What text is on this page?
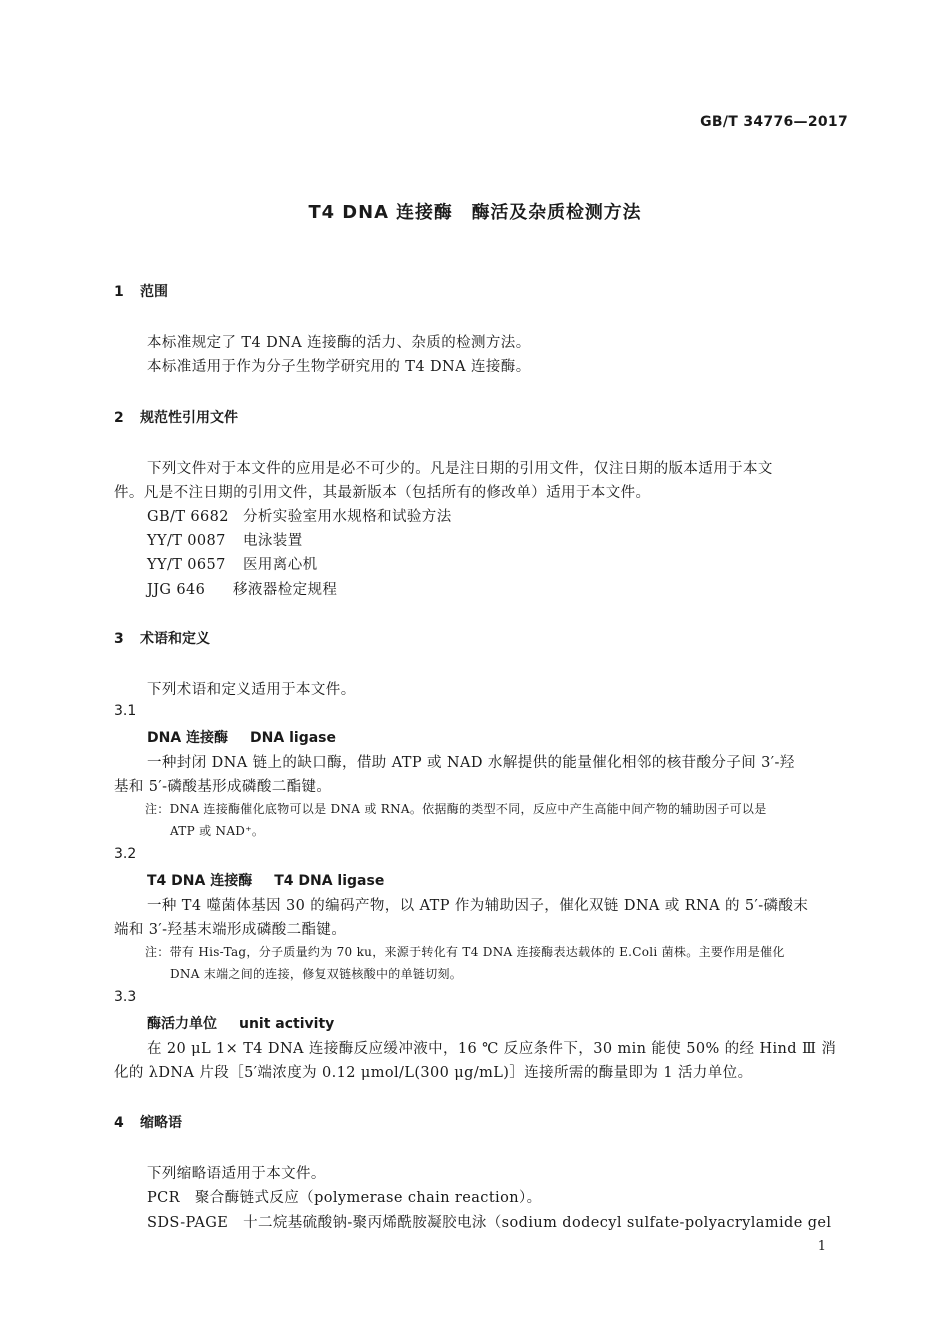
GB/T 34776—2017
T4 DNA 连接酶　酶活及杂质检测方法
1 范围
本标准规定了 T4 DNA 连接酶的活力、杂质的检测方法。
本标准适用于作为分子生物学研究用的 T4 DNA 连接酶。
2 规范性引用文件
下列文件对于本文件的应用是必不可少的。凡是注日期的引用文件，仅注日期的版本适用于本文
件。凡是不注日期的引用文件，其最新版本（包括所有的修改单）适用于本文件。
GB/T 6682 分析实验室用水规格和试验方法
YY/T 0087 电泳装置
YY/T 0657 医用离心机
JJG 646 移液器检定规程
3 术语和定义
下列术语和定义适用于本文件。
3.1
DNA 连接酶 DNA ligase
一种封闭 DNA 链上的缺口酶，借助 ATP 或 NAD 水解提供的能量催化相邻的核苷酸分子间 3′-羟
基和 5′-磷酸基形成磷酸二酯键。
注：DNA 连接酶催化底物可以是 DNA 或 RNA。依据酶的类型不同，反应中产生高能中间产物的辅助因子可以是
ATP 或 NAD⁺。
3.2
T4 DNA 连接酶 T4 DNA ligase
一种 T4 噬菌体基因 30 的编码产物，以 ATP 作为辅助因子，催化双链 DNA 或 RNA 的 5′-磷酸末
端和 3′-羟基末端形成磷酸二酯键。
注：带有 His-Tag，分子质量约为 70 ku，来源于转化有 T4 DNA 连接酶表达载体的 E.Coli 菌株。主要作用是催化
DNA 末端之间的连接，修复双链核酸中的单链切刻。
3.3
酶活力单位 unit activity
在 20 μL 1× T4 DNA 连接酶反应缓冲液中，16 ℃ 反应条件下，30 min 能使 50% 的经 Hind Ⅲ 消
化的 λDNA 片段［5′端浓度为 0.12 μmol/L(300 μg/mL)］连接所需的酶量即为 1 活力单位。
4 缩略语
下列缩略语适用于本文件。
PCR　聚合酶链式反应（polymerase chain reaction）。
SDS-PAGE　十二烷基硫酸钠-聚丙烯酰胺凝胶电泳（sodium dodecyl sulfate-polyacrylamide gel
1
